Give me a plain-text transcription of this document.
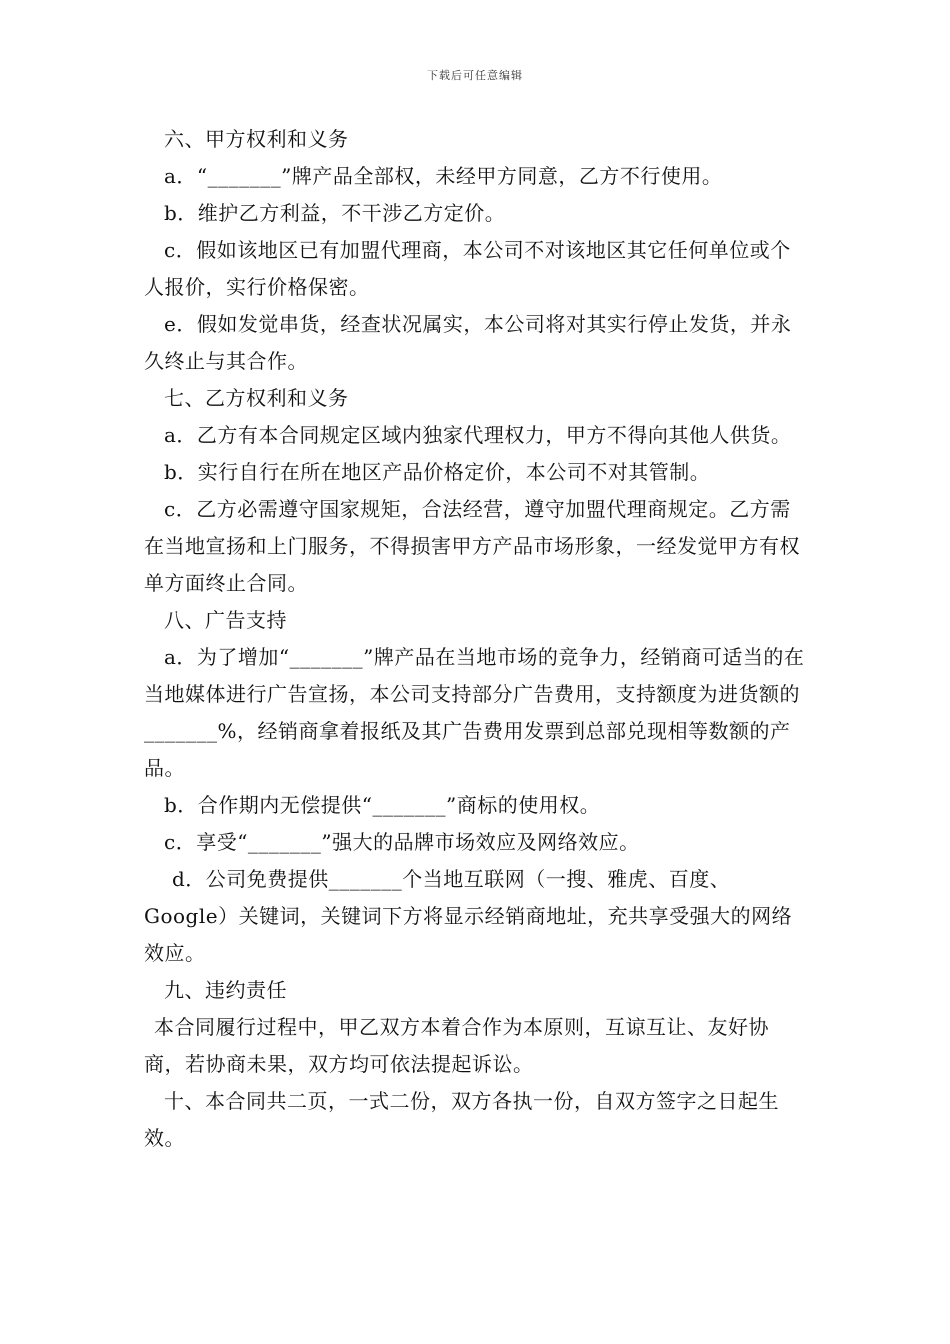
下载后可任意编辑

六、甲方权利和义务

a．“_______”牌产品全部权，未经甲方同意，乙方不行使用。

b．维护乙方利益，不干涉乙方定价。

c．假如该地区已有加盟代理商，本公司不对该地区其它任何单位或个人报价，实行价格保密。

e．假如发觉串货，经查状况属实，本公司将对其实行停止发货，并永久终止与其合作。

七、乙方权利和义务

a．乙方有本合同规定区域内独家代理权力，甲方不得向其他人供货。

b．实行自行在所在地区产品价格定价，本公司不对其管制。

c．乙方必需遵守国家规矩，合法经营，遵守加盟代理商规定。乙方需在当地宣扬和上门服务，不得损害甲方产品市场形象，一经发觉甲方有权单方面终止合同。

八、广告支持

a．为了增加“_______”牌产品在当地市场的竞争力，经销商可适当的在当地媒体进行广告宣扬，本公司支持部分广告费用，支持额度为进货额的_______%，经销商拿着报纸及其广告费用发票到总部兑现相等数额的产品。

b．合作期内无偿提供“_______”商标的使用权。

c．享受“_______”强大的品牌市场效应及网络效应。

d．公司免费提供_______个当地互联网（一搜、雅虎、百度、Google）关键词，关键词下方将显示经销商地址，充共享受强大的网络效应。

九、违约责任

本合同履行过程中，甲乙双方本着合作为本原则，互谅互让、友好协商，若协商未果，双方均可依法提起诉讼。

十、本合同共二页，一式二份，双方各执一份，自双方签字之日起生效。
